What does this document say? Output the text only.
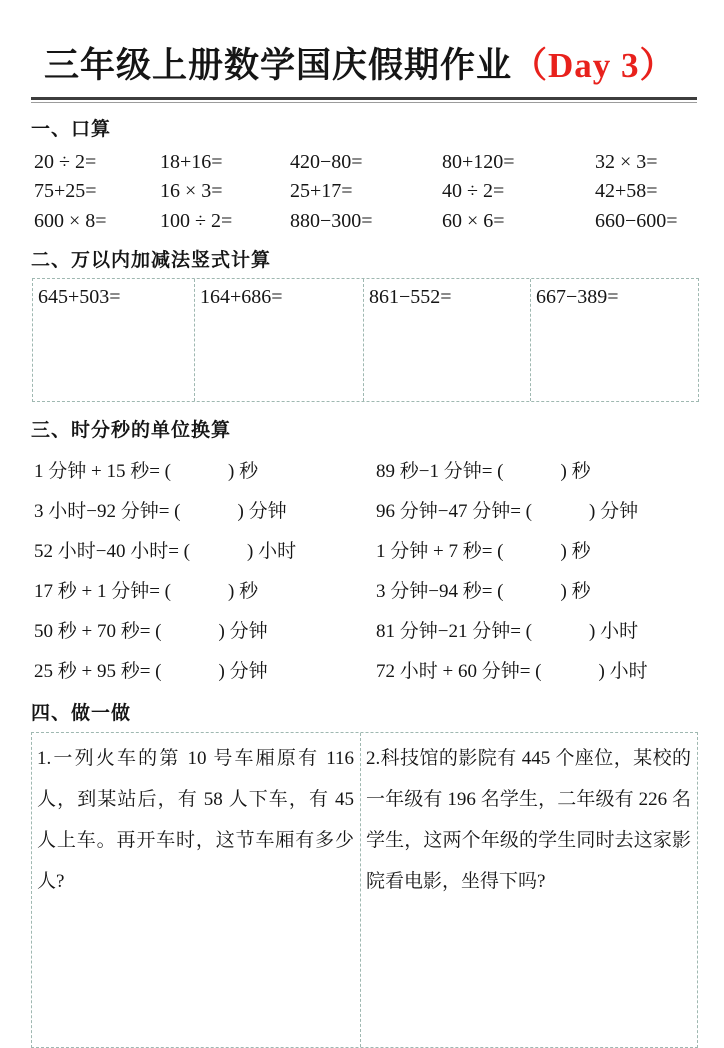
三年级上册数学国庆假期作业（Day 3）
一、口算
20 ÷ 2=	18+16=	420−80=	80+120=	32 × 3=
75+25=	16 × 3=	25+17=	40 ÷ 2=	42+58=
600 × 8=	100 ÷ 2=	880−300=	60 × 6=	660−600=
二、万以内加减法竖式计算
645+503=	164+686=	861−552=	667−389=
三、时分秒的单位换算
1 分钟 + 15 秒= (　　　) 秒	89 秒−1 分钟= (　　　) 秒
3 小时−92 分钟= (　　　) 分钟	96 分钟−47 分钟= (　　　) 分钟
52 小时−40 小时= (　　　) 小时	1 分钟 + 7 秒= (　　　) 秒
17 秒 + 1 分钟= (　　　) 秒	3 分钟−94 秒= (　　　) 秒
50 秒 + 70 秒= (　　　) 分钟	81 分钟−21 分钟= (　　　) 小时
25 秒 + 95 秒= (　　　) 分钟	72 小时 + 60 分钟= (　　　) 小时
四、做一做
1.一列火车的第 10 号车厢原有 116 人，到某站后，有 58 人下车，有 45 人上车。再开车时，这节车厢有多少人?
2.科技馆的影院有 445 个座位，某校的一年级有 196 名学生，二年级有 226 名学生，这两个年级的学生同时去这家影院看电影，坐得下吗?
